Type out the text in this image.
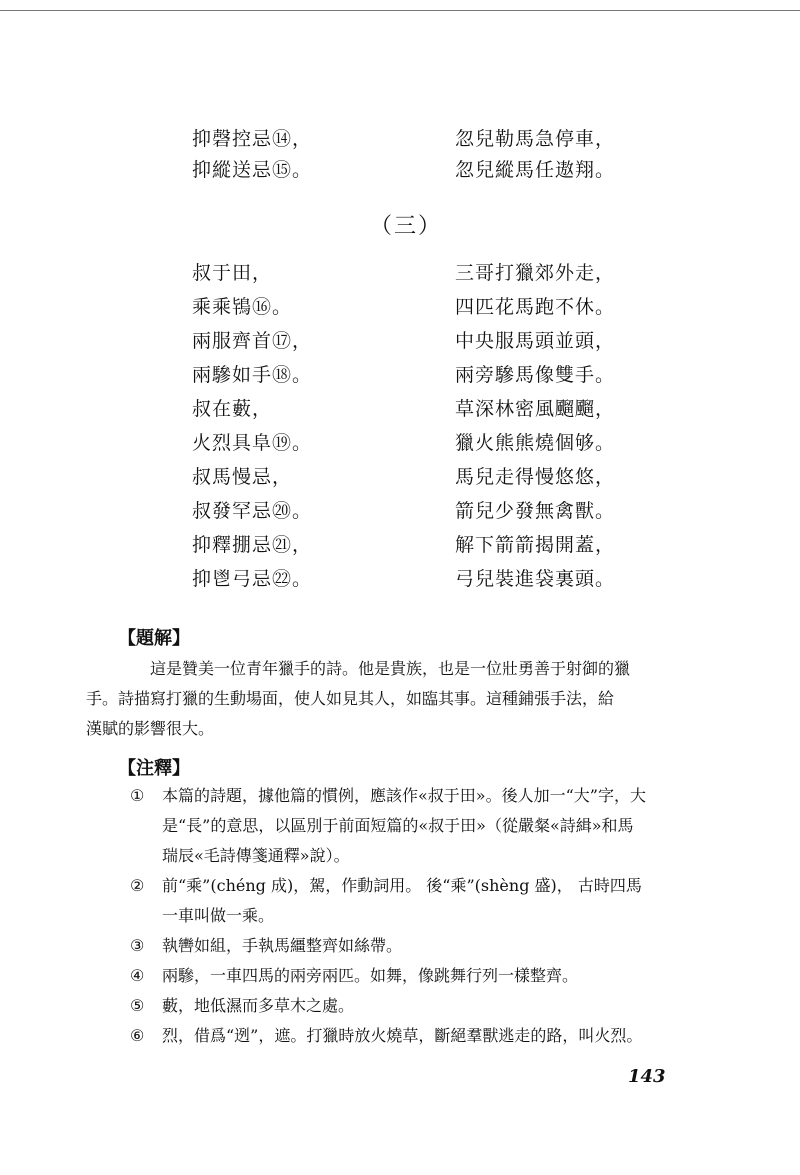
抑磬控忌⑭，	忽兒勒馬急停車，
抑縱送忌⑮。	忽兒縱馬任遨翔。
（三）
叔于田，	三哥打獵郊外走，
乘乘鴇⑯。	四匹花馬跑不休。
兩服齊首⑰，	中央服馬頭並頭，
兩驂如手⑱。	兩旁驂馬像雙手。
叔在藪，	草深林密風飀飀，
火烈具阜⑲。	獵火熊熊燒個够。
叔馬慢忌，	馬兒走得慢悠悠，
叔發罕忌⑳。	箭兒少發無禽獸。
抑釋掤忌㉑，	解下箭箭揭開蓋，
抑鬯弓忌㉒。	弓兒裝進袋裏頭。
【題解】
這是贊美一位青年獵手的詩。他是貴族，也是一位壯勇善于射御的獵
手。詩描寫打獵的生動場面，使人如見其人，如臨其事。這種鋪張手法，給
漢賦的影響很大。
【注釋】
① 本篇的詩題，據他篇的慣例，應該作«叔于田»。後人加一“大”字，大
是“長”的意思，以區別于前面短篇的«叔于田»（從嚴粲«詩緝»和馬
瑞辰«毛詩傳箋通釋»說）。
② 前“乘”(chéng 成)，駕，作動詞用。 後“乘”(shèng 盛)， 古時四馬
一車叫做一乘。
③ 執轡如組，手執馬繮整齊如絲帶。
④ 兩驂，一車四馬的兩旁兩匹。如舞，像跳舞行列一樣整齊。
⑤ 藪，地低濕而多草木之處。
⑥ 烈，借爲“迾”，遮。打獵時放火燒草，斷絕羣獸逃走的路，叫火烈。
143
